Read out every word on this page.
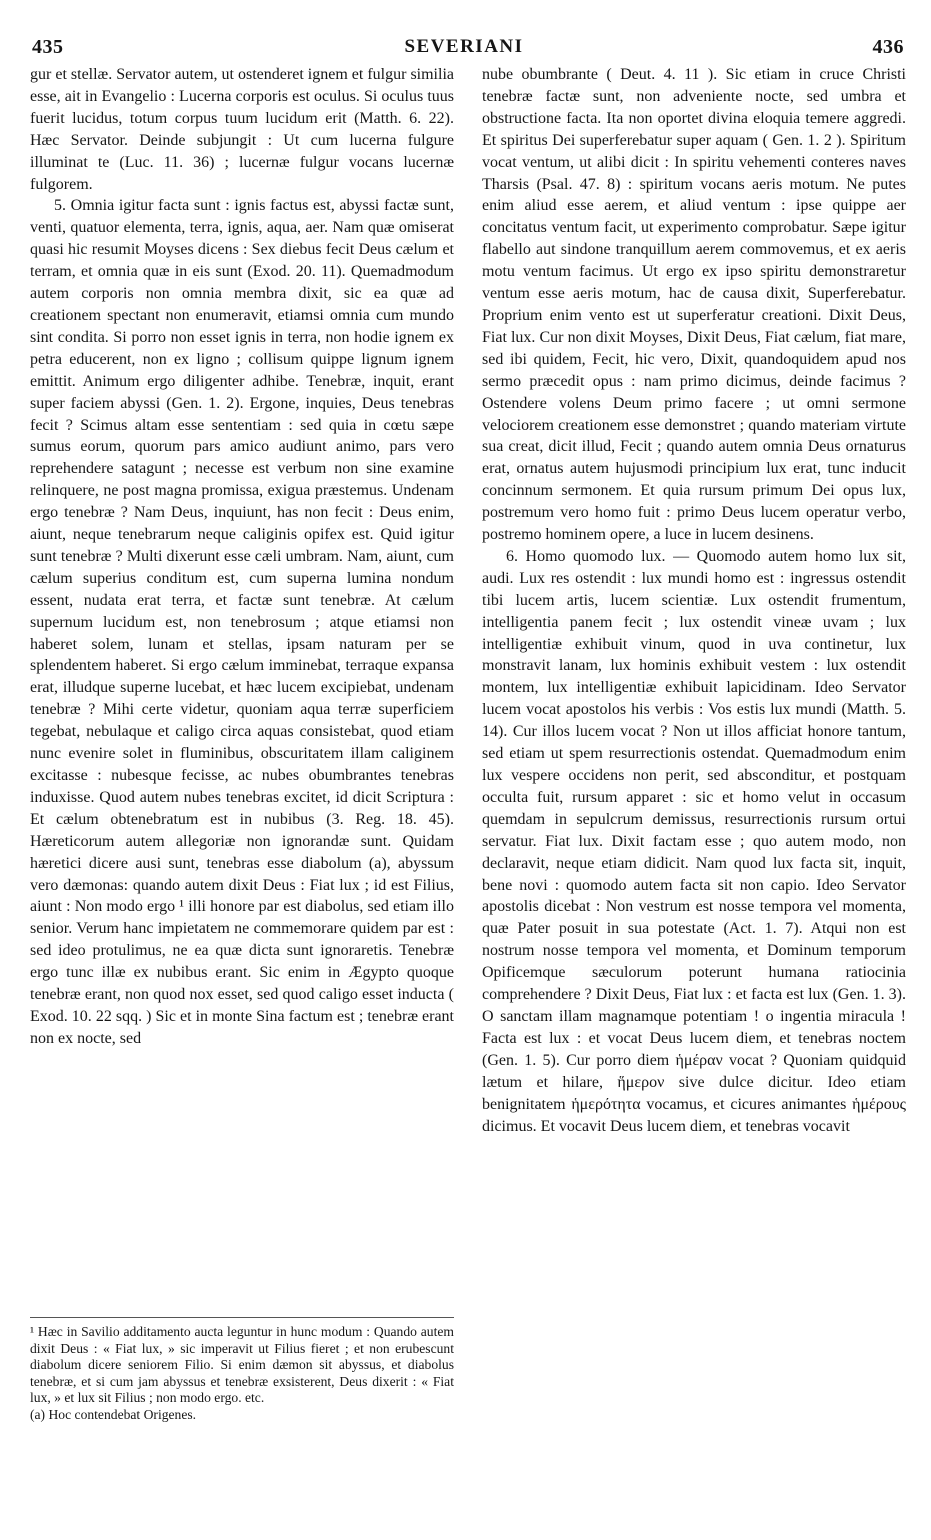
435	SEVERIANI	436

gur et stellæ. Servator autem, ut ostenderet ignem et fulgur similia esse, ait in Evangelio : Lucerna corporis est oculus. Si oculus tuus fuerit lucidus, totum corpus tuum lucidum erit (Matth. 6. 22). Hæc Servator. Deinde subjungit : Ut cum lucerna fulgure illuminat te (Luc. 11. 36) ; lucernæ fulgur vocans lucernæ fulgorem.

5. Omnia igitur facta sunt : ignis factus est, abyssi factæ sunt, venti, quatuor elementa, terra, ignis, aqua, aer. Nam quæ omiserat quasi hic resumit Moyses dicens : Sex diebus fecit Deus cælum et terram, et omnia quæ in eis sunt (Exod. 20. 11). Quemadmodum autem corporis non omnia membra dixit, sic ea quæ ad creationem spectant non enumeravit, etiamsi omnia cum mundo sint condita. Si porro non esset ignis in terra, non hodie ignem ex petra educerent, non ex ligno ; collisum quippe lignum ignem emittit. Animum ergo diligenter adhibe. Tenebræ, inquit, erant super faciem abyssi (Gen. 1. 2). Ergone, inquies, Deus tenebras fecit ? Scimus altam esse sententiam : sed quia in cœtu sæpe sumus eorum, quorum pars amico audiunt animo, pars vero reprehendere satagunt ; necesse est verbum non sine examine relinquere, ne post magna promissa, exigua præstemus. Undenam ergo tenebræ ? Nam Deus, inquiunt, has non fecit : Deus enim, aiunt, neque tenebrarum neque caliginis opifex est. Quid igitur sunt tenebræ ? Multi dixerunt esse cæli umbram. Nam, aiunt, cum cælum superius conditum est, cum superna lumina nondum essent, nudata erat terra, et factæ sunt tenebræ. At cælum supernum lucidum est, non tenebrosum ; atque etiamsi non haberet solem, lunam et stellas, ipsam naturam per se splendentem haberet. Si ergo cælum imminebat, terraque expansa erat, illudque superne lucebat, et hæc lucem excipiebat, undenam tenebræ ? Mihi certe videtur, quoniam aqua terræ superficiem tegebat, nebulaque et caligo circa aquas consistebat, quod etiam nunc evenire solet in fluminibus, obscuritatem illam caliginem excitasse : nubesque fecisse, ac nubes obumbrantes tenebras induxisse. Quod autem nubes tenebras excitet, id dicit Scriptura : Et cælum obtenebratum est in nubibus (3. Reg. 18. 45). Hæreticorum autem allegoriæ non ignorandæ sunt. Quidam hæretici dicere ausi sunt, tenebras esse diabolum (a), abyssum vero dæmonas: quando autem dixit Deus : Fiat lux ; id est Filius, aiunt : Non modo ergo ¹ illi honore par est diabolus, sed etiam illo senior. Verum hanc impietatem ne commemorare quidem par est : sed ideo protulimus, ne ea quæ dicta sunt ignoraretis. Tenebræ ergo tunc illæ ex nubibus erant. Sic enim in Ægypto quoque tenebræ erant, non quod nox esset, sed quod caligo esset inducta ( Exod. 10. 22 sqq. ) Sic et in monte Sina factum est ; tenebræ erant non ex nocte, sed

¹ Hæc in Savilio additamento aucta leguntur in hunc modum : Quando autem dixit Deus : « Fiat lux, » sic imperavit ut Filius fieret ; et non erubescunt diabolum dicere seniorem Filio. Si enim dæmon sit abyssus, et diabolus tenebræ, et si cum jam abyssus et tenebræ exsisterent, Deus dixerit : « Fiat lux, » et lux sit Filius ; non modo ergo. etc.

(a) Hoc contendebat Origenes.

nube obumbrante ( Deut. 4. 11 ). Sic etiam in cruce Christi tenebræ factæ sunt, non adveniente nocte, sed umbra et obstructione facta. Ita non oportet divina eloquia temere aggredi. Et spiritus Dei superferebatur super aquam ( Gen. 1. 2 ). Spiritum vocat ventum, ut alibi dicit : In spiritu vehementi conteres naves Tharsis (Psal. 47. 8) : spiritum vocans aeris motum. Ne putes enim aliud esse aerem, et aliud ventum : ipse quippe aer concitatus ventum facit, ut experimento comprobatur. Sæpe igitur flabello aut sindone tranquillum aerem commovemus, et ex aeris motu ventum facimus. Ut ergo ex ipso spiritu demonstraretur ventum esse aeris motum, hac de causa dixit, Superferebatur. Proprium enim vento est ut superferatur creationi. Dixit Deus, Fiat lux. Cur non dixit Moyses, Dixit Deus, Fiat cælum, fiat mare, sed ibi quidem, Fecit, hic vero, Dixit, quandoquidem apud nos sermo præcedit opus : nam primo dicimus, deinde facimus ? Ostendere volens Deum primo facere ; ut omni sermone velociorem creationem esse demonstret ; quando materiam virtute sua creat, dicit illud, Fecit ; quando autem omnia Deus ornaturus erat, ornatus autem hujusmodi principium lux erat, tunc inducit concinnum sermonem. Et quia rursum primum Dei opus lux, postremum vero homo fuit : primo Deus lucem operatur verbo, postremo hominem opere, a luce in lucem desinens.

6. Homo quomodo lux. — Quomodo autem homo lux sit, audi. Lux res ostendit : lux mundi homo est : ingressus ostendit tibi lucem artis, lucem scientiæ. Lux ostendit frumentum, intelligentia panem fecit ; lux ostendit vineæ uvam ; lux intelligentiæ exhibuit vinum, quod in uva continetur, lux monstravit lanam, lux hominis exhibuit vestem : lux ostendit montem, lux intelligentiæ exhibuit lapicidinam. Ideo Servator lucem vocat apostolos his verbis : Vos estis lux mundi (Matth. 5. 14). Cur illos lucem vocat ? Non ut illos afficiat honore tantum, sed etiam ut spem resurrectionis ostendat. Quemadmodum enim lux vespere occidens non perit, sed absconditur, et postquam occulta fuit, rursum apparet : sic et homo velut in occasum quemdam in sepulcrum demissus, resurrectionis rursum ortui servatur. Fiat lux. Dixit factam esse ; quo autem modo, non declaravit, neque etiam didicit. Nam quod lux facta sit, inquit, bene novi : quomodo autem facta sit non capio. Ideo Servator apostolis dicebat : Non vestrum est nosse tempora vel momenta, quæ Pater posuit in sua potestate (Act. 1. 7). Atqui non est nostrum nosse tempora vel momenta, et Dominum temporum Opificemque sæculorum poterunt humana ratiocinia comprehendere ? Dixit Deus, Fiat lux : et facta est lux (Gen. 1. 3). O sanctam illam magnamque potentiam ! o ingentia miracula ! Facta est lux : et vocat Deus lucem diem, et tenebras noctem (Gen. 1. 5). Cur porro diem ἡμέραν vocat ? Quoniam quidquid lætum et hilare, ἥμερον sive dulce dicitur. Ideo etiam benignitatem ἡμερότητα vocamus, et cicures animantes ἡμέρους dicimus. Et vocavit Deus lucem diem, et tenebras vocavit
